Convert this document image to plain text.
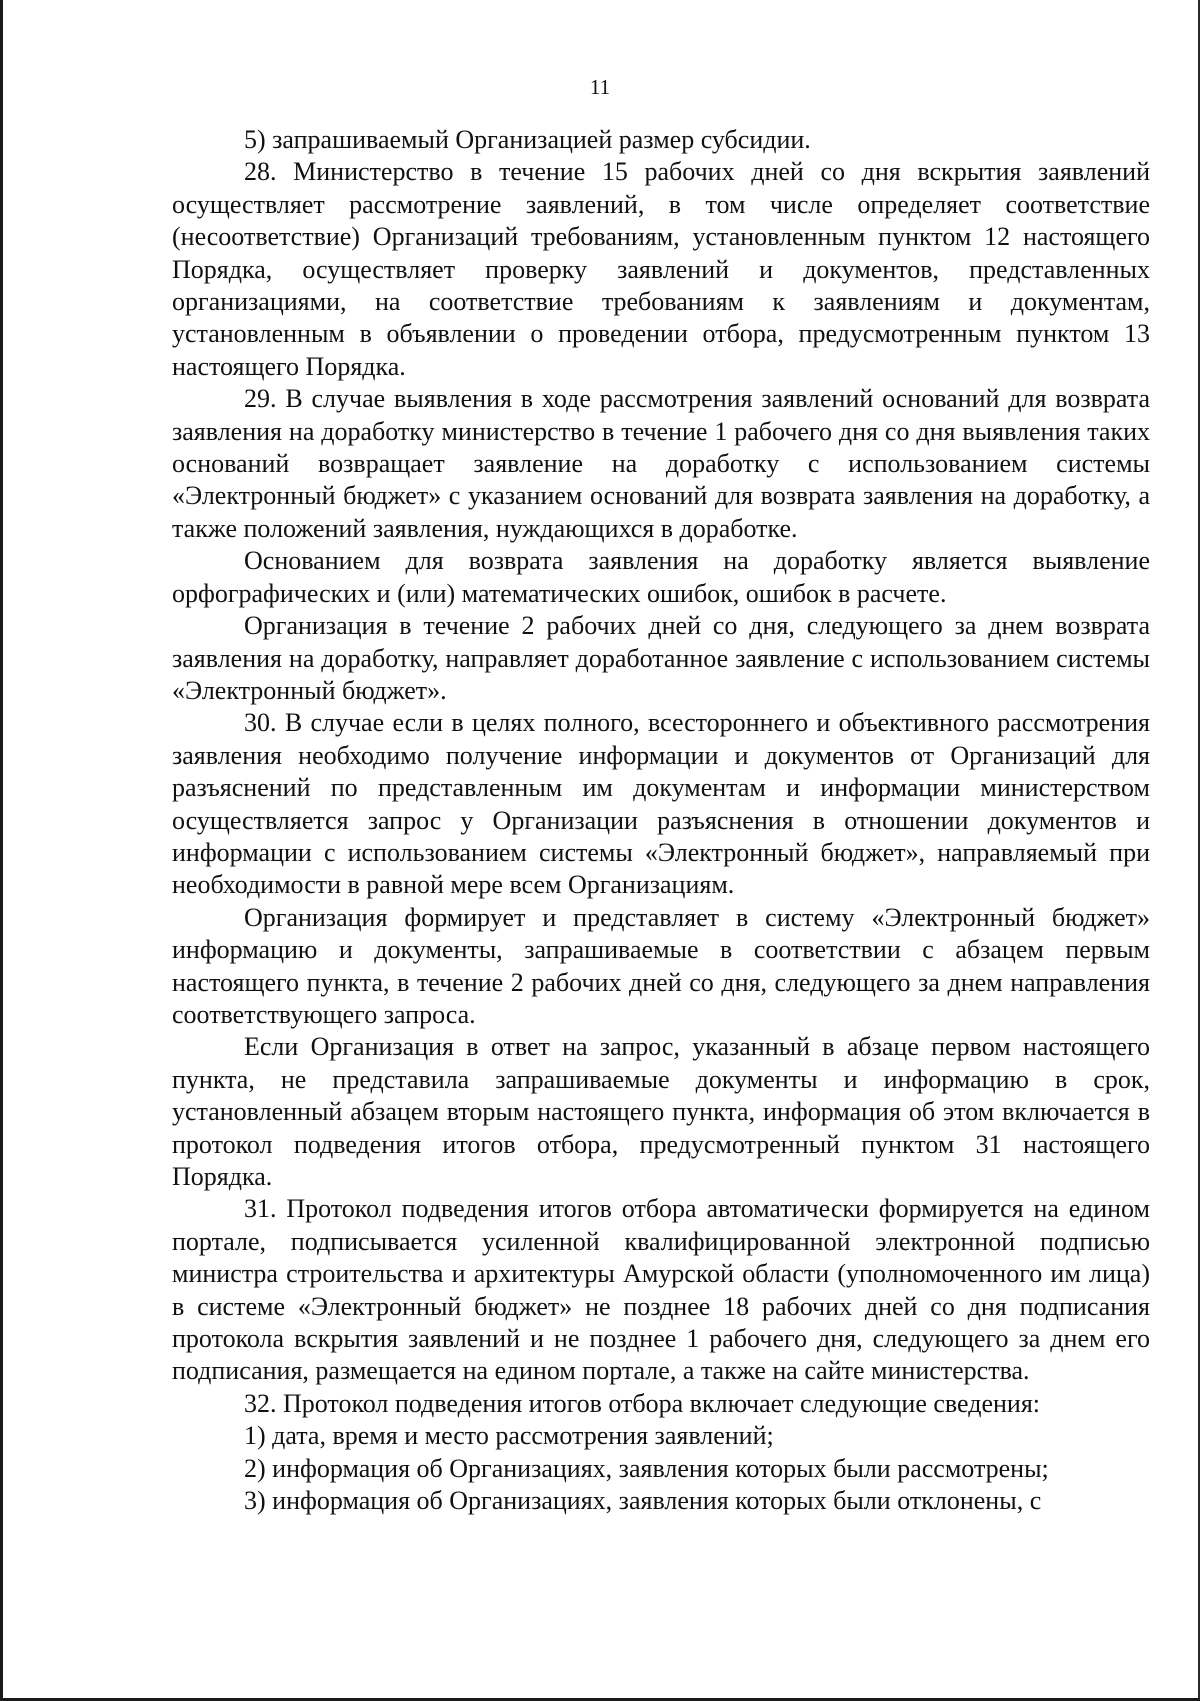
11

5) запрашиваемый Организацией размер субсидии.

28. Министерство в течение 15 рабочих дней со дня вскрытия заявлений осуществляет рассмотрение заявлений, в том числе определяет соответствие (несоответствие) Организаций требованиям, установленным пунктом 12 настоящего Порядка, осуществляет проверку заявлений и документов, представленных организациями, на соответствие требованиям к заявлениям и документам, установленным в объявлении о проведении отбора, предусмотренным пунктом 13 настоящего Порядка.

29. В случае выявления в ходе рассмотрения заявлений оснований для возврата заявления на доработку министерство в течение 1 рабочего дня со дня выявления таких оснований возвращает заявление на доработку с использованием системы «Электронный бюджет» с указанием оснований для возврата заявления на доработку, а также положений заявления, нуждающихся в доработке.

Основанием для возврата заявления на доработку является выявление орфографических и (или) математических ошибок, ошибок в расчете.

Организация в течение 2 рабочих дней со дня, следующего за днем возврата заявления на доработку, направляет доработанное заявление с использованием системы «Электронный бюджет».

30. В случае если в целях полного, всестороннего и объективного рассмотрения заявления необходимо получение информации и документов от Организаций для разъяснений по представленным им документам и информации министерством осуществляется запрос у Организации разъяснения в отношении документов и информации с использованием системы «Электронный бюджет», направляемый при необходимости в равной мере всем Организациям.

Организация формирует и представляет в систему «Электронный бюджет» информацию и документы, запрашиваемые в соответствии с абзацем первым настоящего пункта, в течение 2 рабочих дней со дня, следующего за днем направления соответствующего запроса.

Если Организация в ответ на запрос, указанный в абзаце первом настоящего пункта, не представила запрашиваемые документы и информацию в срок, установленный абзацем вторым настоящего пункта, информация об этом включается в протокол подведения итогов отбора, предусмотренный пунктом 31 настоящего Порядка.

31. Протокол подведения итогов отбора автоматически формируется на едином портале, подписывается усиленной квалифицированной электронной подписью министра строительства и архитектуры Амурской области (уполномоченного им лица) в системе «Электронный бюджет» не позднее 18 рабочих дней со дня подписания протокола вскрытия заявлений и не позднее 1 рабочего дня, следующего за днем его подписания, размещается на едином портале, а также на сайте министерства.

32. Протокол подведения итогов отбора включает следующие сведения:

1) дата, время и место рассмотрения заявлений;

2) информация об Организациях, заявления которых были рассмотрены;

3) информация об Организациях, заявления которых были отклонены, с
